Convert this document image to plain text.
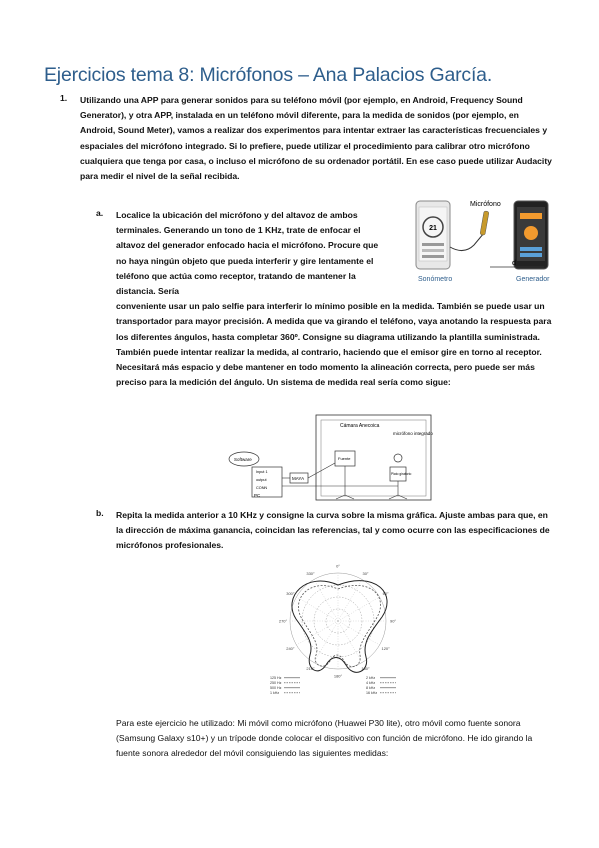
Ejercicios tema 8: Micrófonos – Ana Palacios García.
1. Utilizando una APP para generar sonidos para su teléfono móvil (por ejemplo, en Android, Frequency Sound Generator), y otra APP, instalada en un teléfono móvil diferente, para la medida de sonidos (por ejemplo, en Android, Sound Meter), vamos a realizar dos experimentos para intentar extraer las características frecuenciales y espaciales del micrófono integrado. Si lo prefiere, puede utilizar el procedimiento para calibrar otro micrófono cualquiera que tenga por casa, o incluso el micrófono de su ordenador portátil. En ese caso puede utilizar Audacity para medir el nivel de la señal recibida.
a. Localice la ubicación del micrófono y del altavoz de ambos terminales. Generando un tono de 1 KHz, trate de enfocar el altavoz del generador enfocado hacia el micrófono. Procure que no haya ningún objeto que pueda interferir y gire lentamente el teléfono que actúa como receptor, tratando de mantener la distancia. Sería
conveniente usar un palo selfie para interferir lo mínimo posible en la medida. También se puede usar un transportador para mayor precisión. A medida que va girando el teléfono, vaya anotando la respuesta para los diferentes ángulos, hasta completar 360º. Consigne su diagrama utilizando la plantilla suministrada. También puede intentar realizar la medida, al contrario, haciendo que el emisor gire en torno al receptor. Necesitará más espacio y debe mantener en todo momento la alineación correcta, pero puede ser más preciso para la medición del ángulo. Un sistema de medida real sería como sigue:
21
Micrófono
d
Sonómetro	Generador
Cámara Anecoica
micrófono integrado
Software
PC
Input 1
output
CONN
MAYA
Fuente
Plato giratorio
b. Repita la medida anterior a 10 KHz y consigne la curva sobre la misma gráfica. Ajuste ambas para que, en la dirección de máxima ganancia, coincidan las referencias, tal y como ocurre con las especificaciones de micrófonos profesionales.
0°
30°
60°
90°
120°
150°
180°
210°
240°
270°
300°
330°
125 Hz
250 Hz
500 Hz
1 kHz
2 kHz
4 kHz
8 kHz
16 kHz
Para este ejercicio he utilizado: Mi móvil como micrófono (Huawei P30 lite), otro móvil como fuente sonora (Samsung Galaxy s10+) y un trípode donde colocar el dispositivo con función de micrófono. He ido girando la fuente sonora alrededor del móvil consiguiendo las siguientes medidas:
